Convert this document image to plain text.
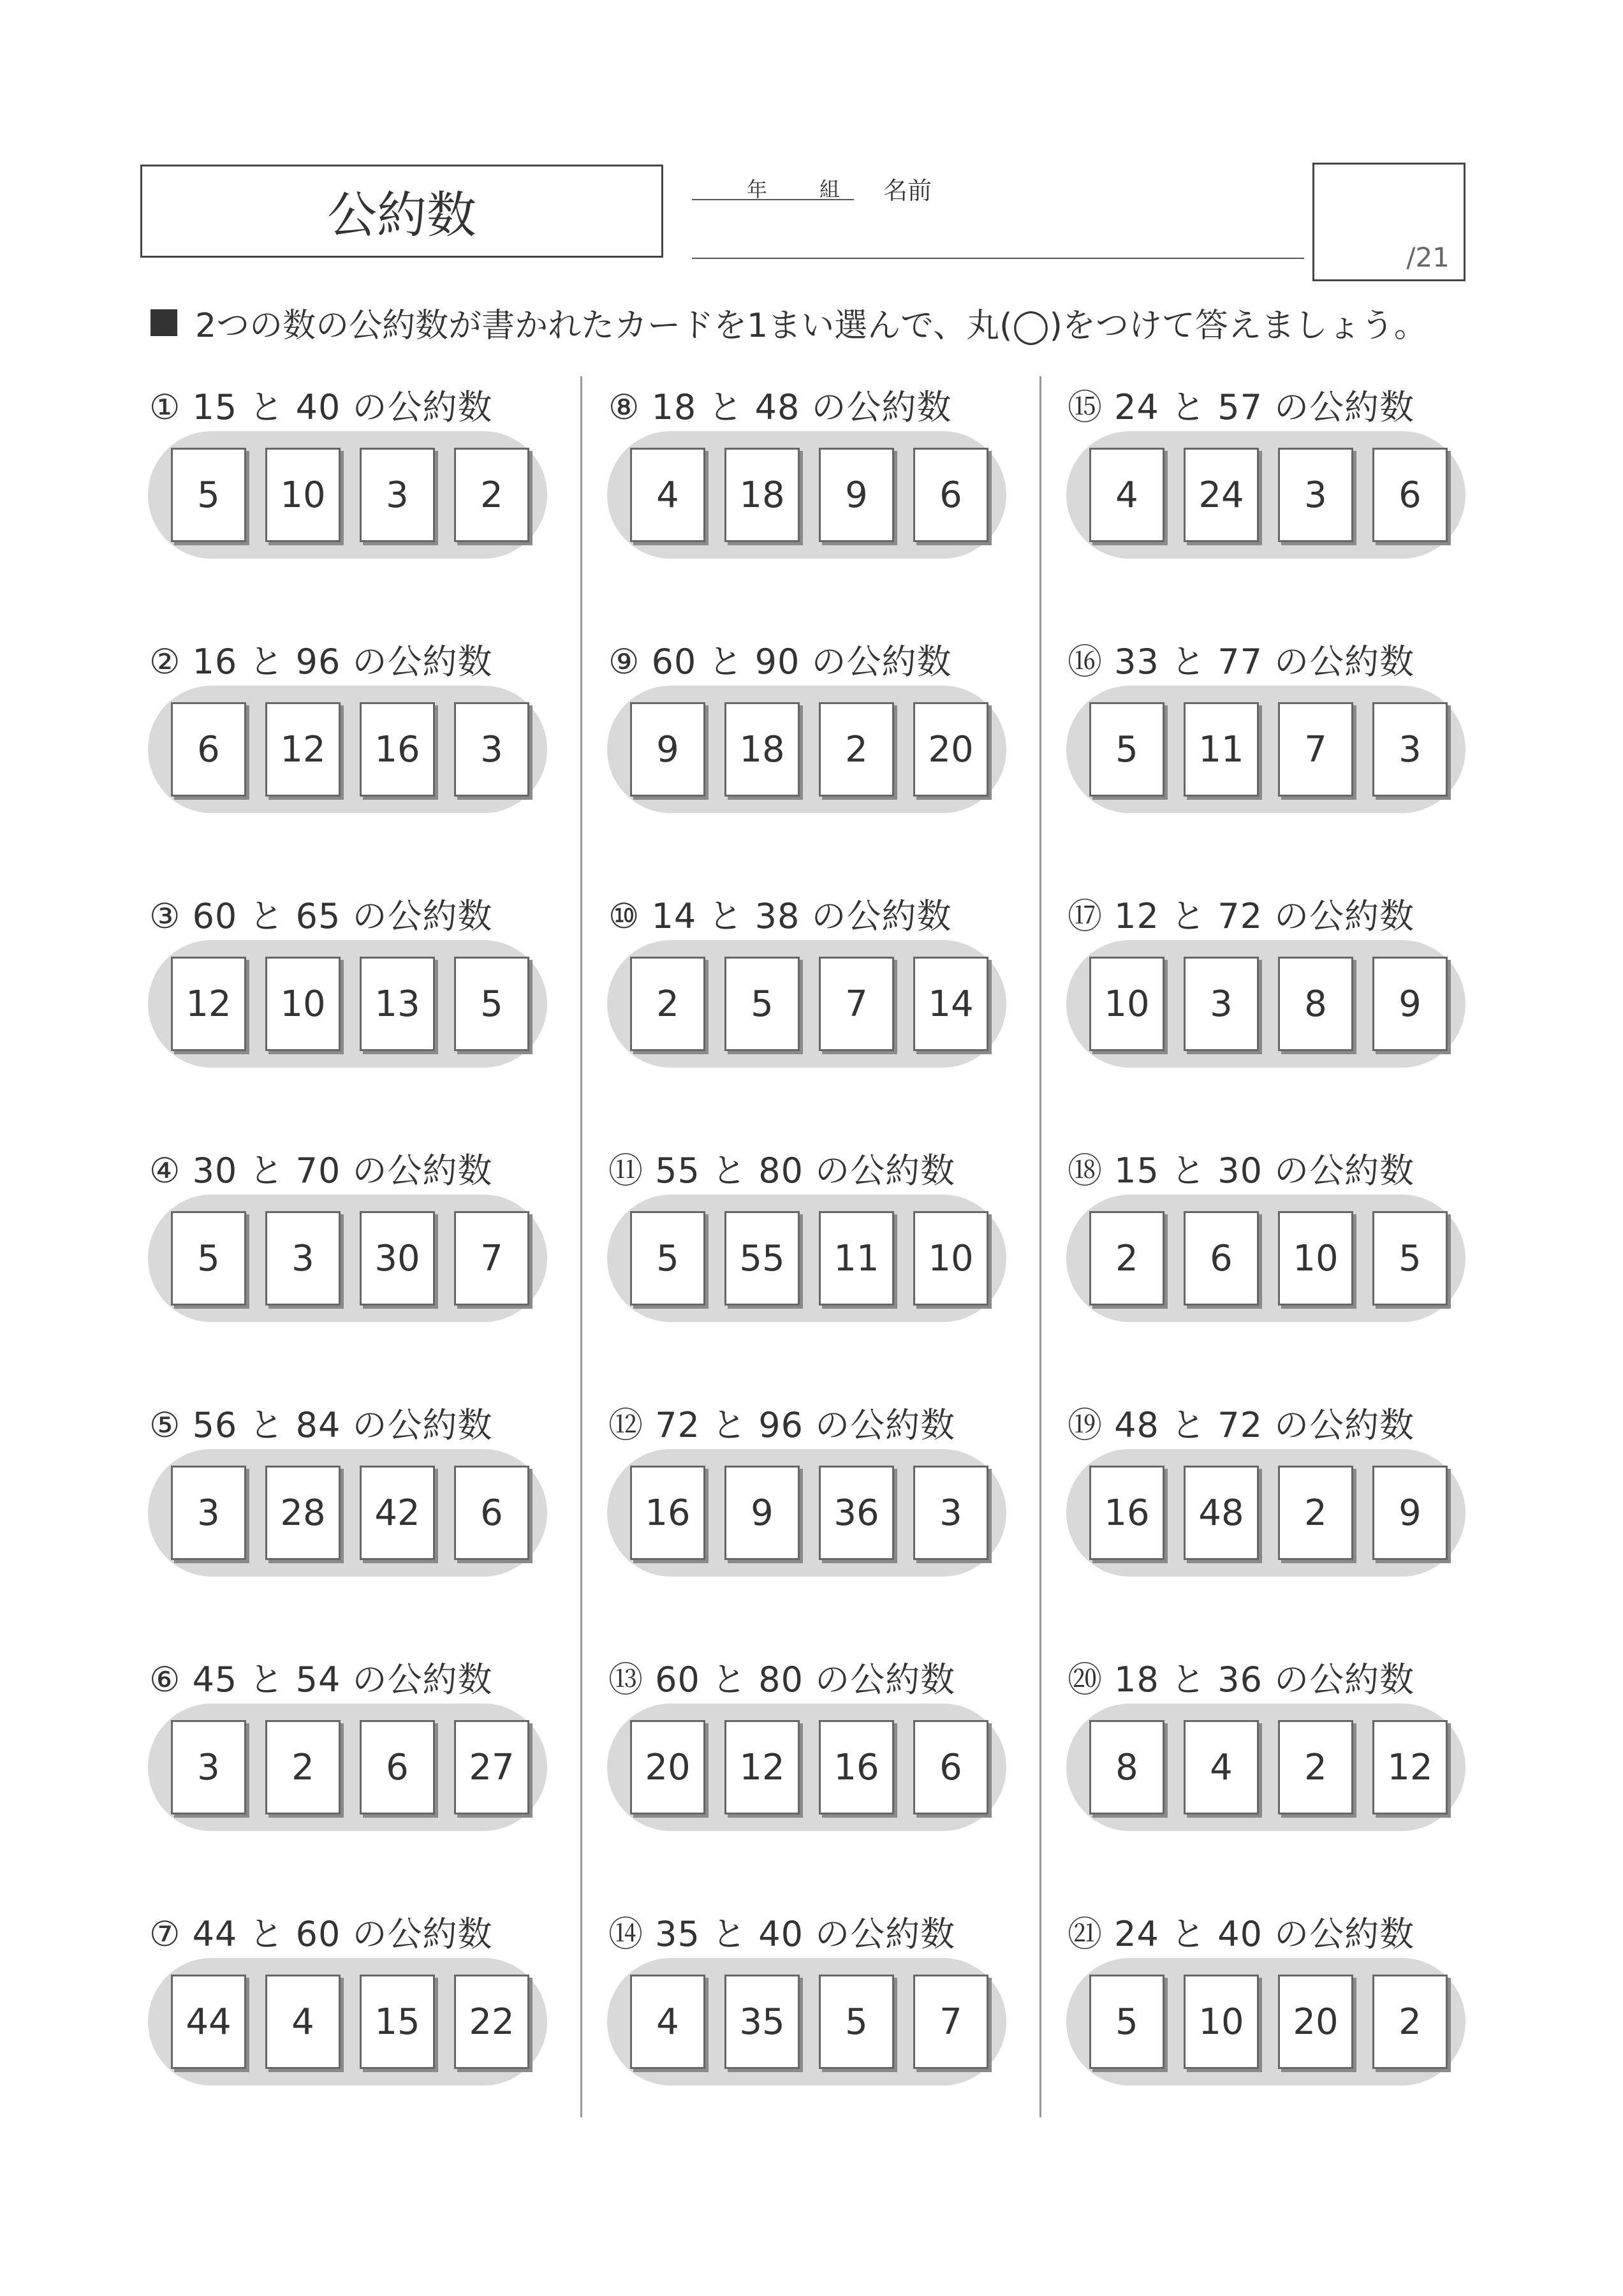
公約数	年	組 名前
/21
2つの数の公約数が書かれたカードを1まい選んで、丸(◯)をつけて答えましょう。
① 15 と 40 の公約数
5	10	3	2
② 16 と 96 の公約数
6	12	16	3
③ 60 と 65 の公約数
12	10	13	5
④ 30 と 70 の公約数
5	3	30	7
⑤ 56 と 84 の公約数
3	28	42	6
⑥ 45 と 54 の公約数
3	2	6	27
⑦ 44 と 60 の公約数
44	4	15	22
⑧ 18 と 48 の公約数
4	18	9	6
⑨ 60 と 90 の公約数
9	18	2	20
⑩ 14 と 38 の公約数
2	5	7	14
⑪ 55 と 80 の公約数
5	55	11	10
⑫ 72 と 96 の公約数
16	9	36	3
⑬ 60 と 80 の公約数
20	12	16	6
⑭ 35 と 40 の公約数
4	35	5	7
⑮ 24 と 57 の公約数
4	24	3	6
⑯ 33 と 77 の公約数
5	11	7	3
⑰ 12 と 72 の公約数
10	3	8	9
⑱ 15 と 30 の公約数
2	6	10	5
⑲ 48 と 72 の公約数
16	48	2	9
⑳ 18 と 36 の公約数
8	4	2	12
㉑ 24 と 40 の公約数
5	10	20	2
